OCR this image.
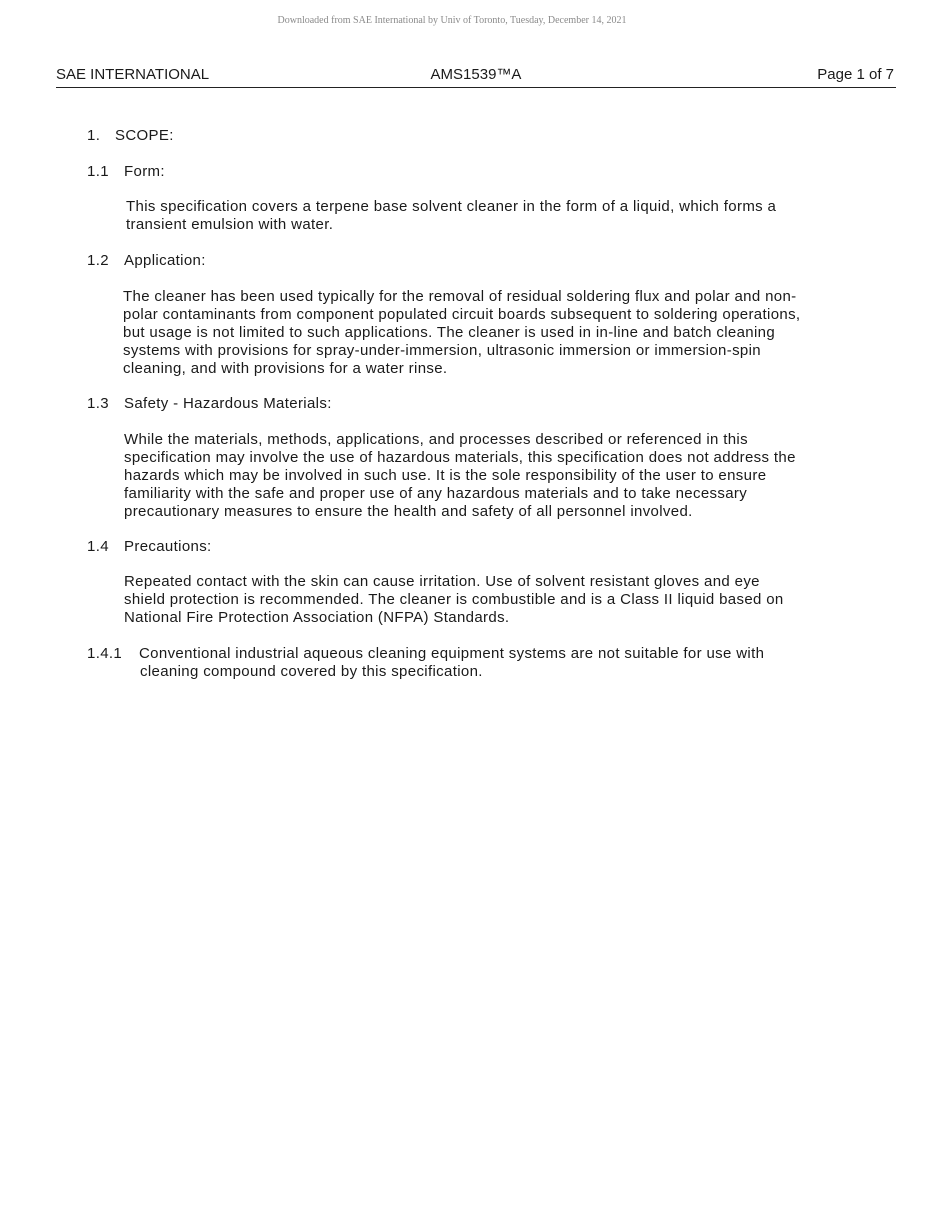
Downloaded from SAE International by Univ of Toronto, Tuesday, December 14, 2021
SAE INTERNATIONAL	AMS1539™A	Page 1 of 7
1. SCOPE:
1.1 Form:
This specification covers a terpene base solvent cleaner in the form of a liquid, which forms a
transient emulsion with water.
1.2 Application:
The cleaner has been used typically for the removal of residual soldering flux and polar and non-
polar contaminants from component populated circuit boards subsequent to soldering operations,
but usage is not limited to such applications. The cleaner is used in in-line and batch cleaning
systems with provisions for spray-under-immersion, ultrasonic immersion or immersion-spin
cleaning, and with provisions for a water rinse.
1.3 Safety - Hazardous Materials:
While the materials, methods, applications, and processes described or referenced in this
specification may involve the use of hazardous materials, this specification does not address the
hazards which may be involved in such use. It is the sole responsibility of the user to ensure
familiarity with the safe and proper use of any hazardous materials and to take necessary
precautionary measures to ensure the health and safety of all personnel involved.
1.4 Precautions:
Repeated contact with the skin can cause irritation. Use of solvent resistant gloves and eye
shield protection is recommended. The cleaner is combustible and is a Class II liquid based on
National Fire Protection Association (NFPA) Standards.
1.4.1 Conventional industrial aqueous cleaning equipment systems are not suitable for use with
cleaning compound covered by this specification.
